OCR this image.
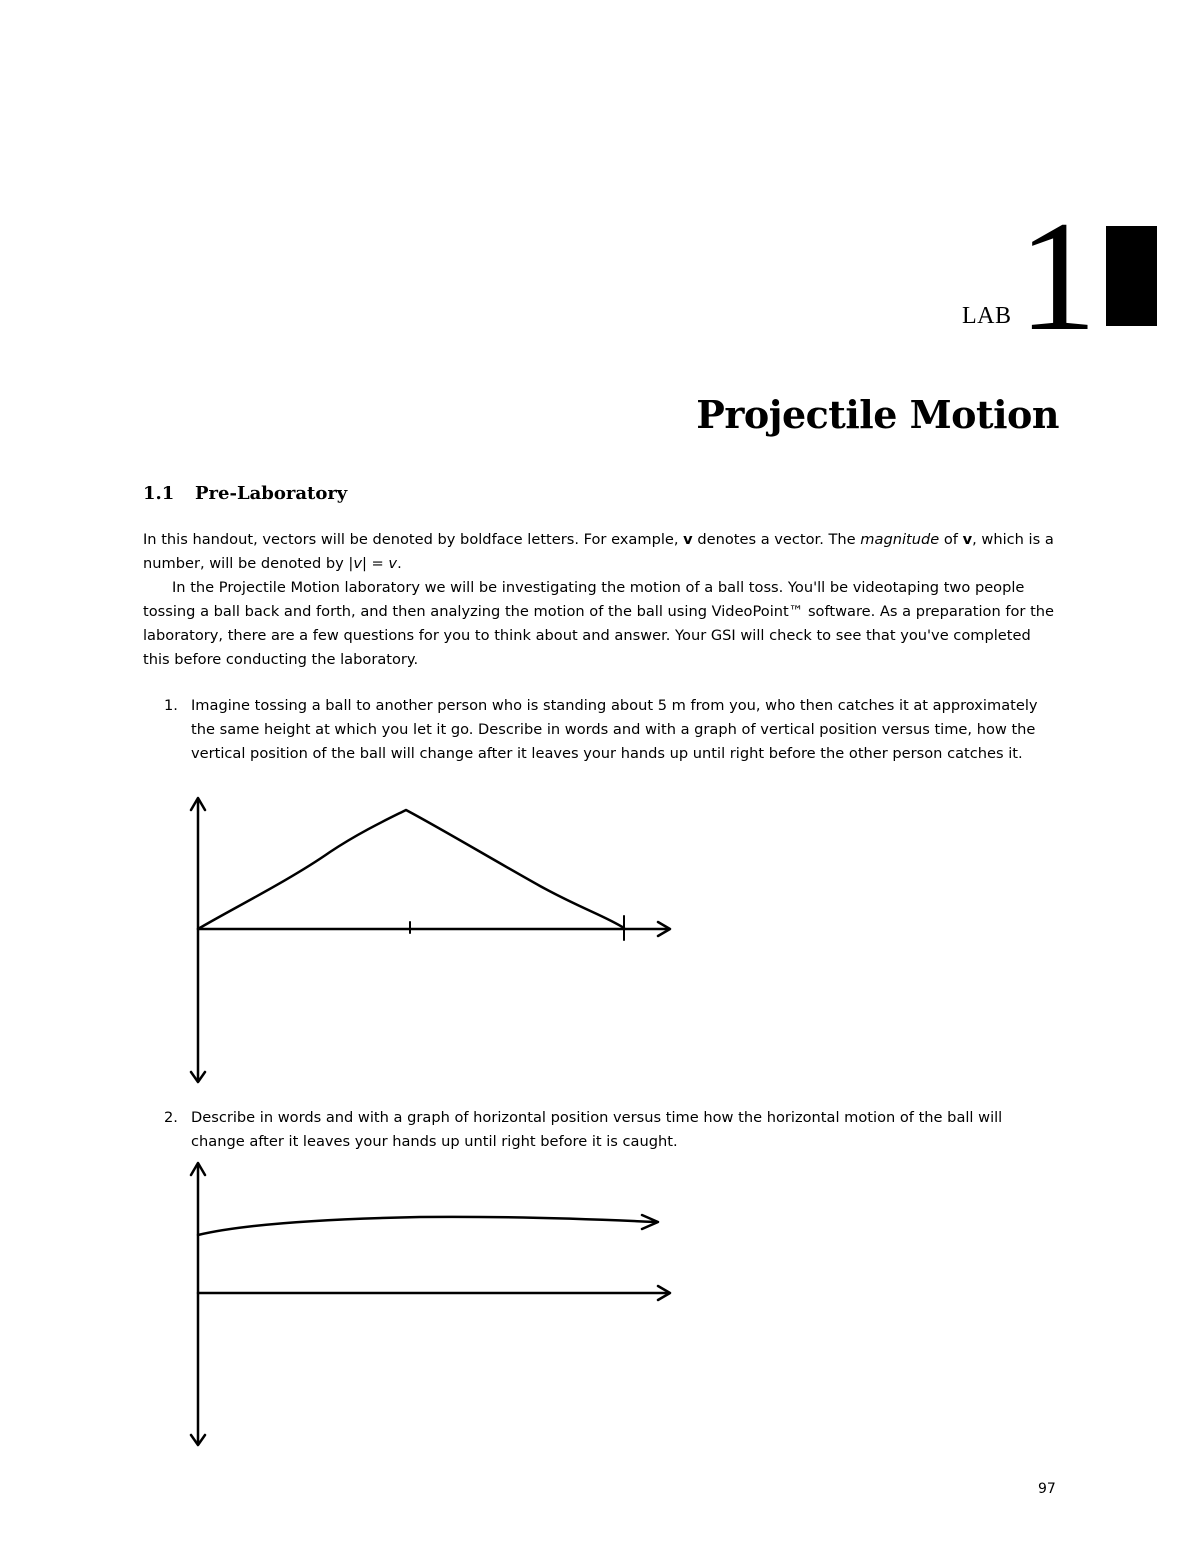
LAB 1
Projectile Motion
1.1 Pre-Laboratory

In this handout, vectors will be denoted by boldface letters. For example, v denotes a vector. The magnitude of v, which is a number, will be denoted by |v| = v.

In the Projectile Motion laboratory we will be investigating the motion of a ball toss. You'll be videotaping two people tossing a ball back and forth, and then analyzing the motion of the ball using VideoPoint™ software. As a preparation for the laboratory, there are a few questions for you to think about and answer. Your GSI will check to see that you've completed this before conducting the laboratory.

1. Imagine tossing a ball to another person who is standing about 5 m from you, who then catches it at approximately the same height at which you let it go. Describe in words and with a graph of vertical position versus time, how the vertical position of the ball will change after it leaves your hands up until right before the other person catches it.
2. Describe in words and with a graph of horizontal position versus time how the horizontal motion of the ball will change after it leaves your hands up until right before it is caught.
97
